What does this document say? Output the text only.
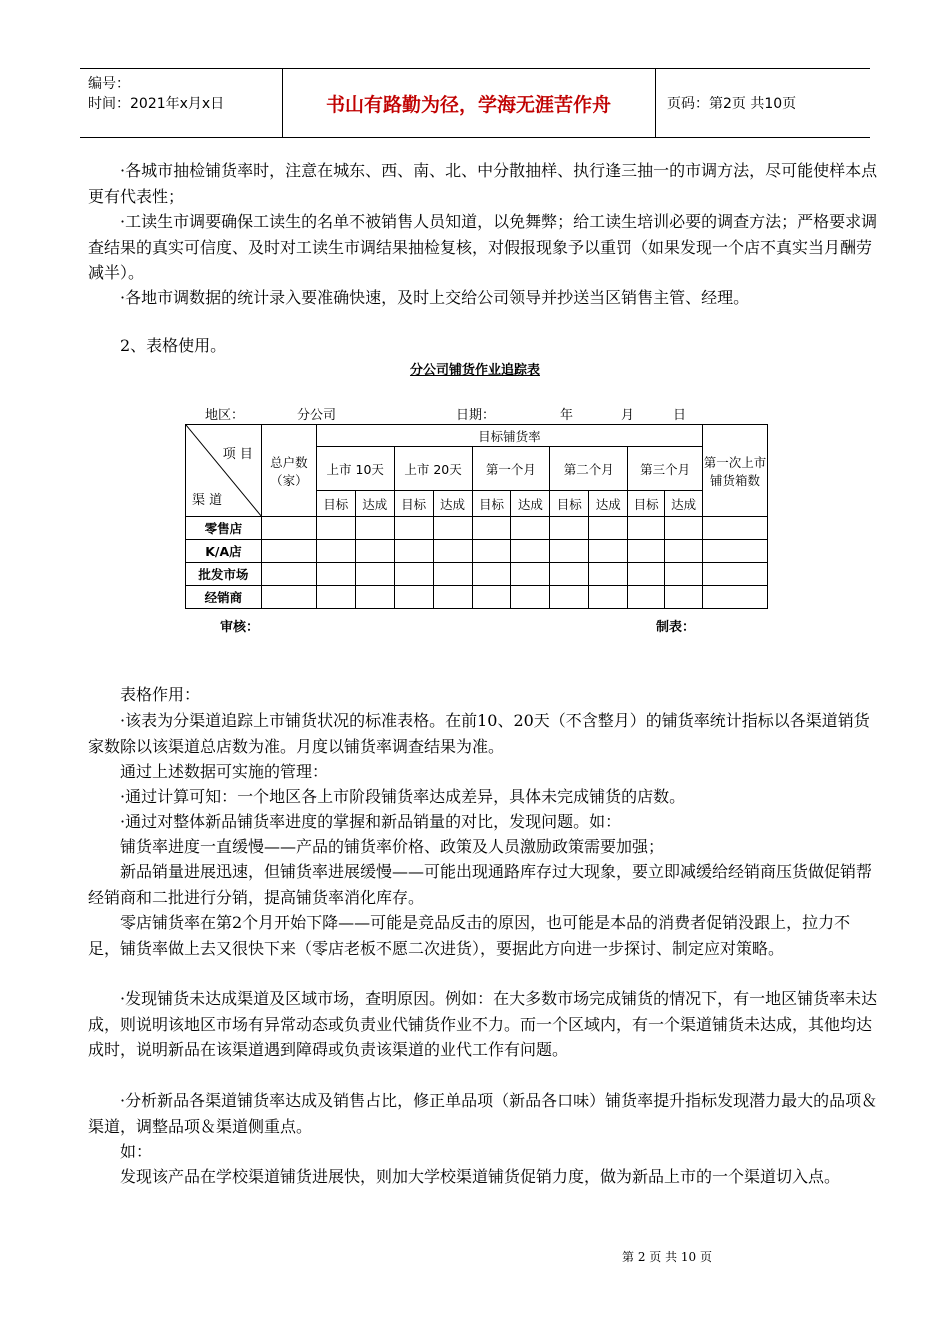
编号：
时间：2021年x月x日	书山有路勤为径，学海无涯苦作舟	页码：第2页 共10页

·各城市抽检铺货率时，注意在城东、西、南、北、中分散抽样、执行逢三抽一的市调方法，尽可能使样本点更有代表性；

·工读生市调要确保工读生的名单不被销售人员知道，以免舞弊；给工读生培训必要的调查方法；严格要求调查结果的真实可信度、及时对工读生市调结果抽检复核，对假报现象予以重罚（如果发现一个店不真实当月酬劳减半）。

·各地市调数据的统计录入要准确快速，及时上交给公司领导并抄送当区销售主管、经理。

2、表格使用。

分公司铺货作业追踪表
地区：	分公司	日期：	年	月	日
项 目
渠 道	总户数（家）	目标铺货率										第一次上市铺货箱数
		上市 10天		上市 20天		第一个月		第二个月		第三个月		
		目标	达成	目标	达成	目标	达成	目标	达成	目标	达成	
零售店												
K/A店												
批发市场												
经销商												
审核：	制表：

表格作用：

·该表为分渠道追踪上市铺货状况的标准表格。在前10、20天（不含整月）的铺货率统计指标以各渠道销货家数除以该渠道总店数为准。月度以铺货率调查结果为准。

通过上述数据可实施的管理：

·通过计算可知：一个地区各上市阶段铺货率达成差异，具体未完成铺货的店数。

·通过对整体新品铺货率进度的掌握和新品销量的对比，发现问题。如：

铺货率进度一直缓慢——产品的铺货率价格、政策及人员激励政策需要加强；

新品销量进展迅速，但铺货率进展缓慢——可能出现通路库存过大现象，要立即减缓给经销商压货做促销帮经销商和二批进行分销，提高铺货率消化库存。

零店铺货率在第2个月开始下降——可能是竞品反击的原因，也可能是本品的消费者促销没跟上，拉力不足，铺货率做上去又很快下来（零店老板不愿二次进货），要据此方向进一步探讨、制定应对策略。

·发现铺货未达成渠道及区域市场，查明原因。例如：在大多数市场完成铺货的情况下，有一地区铺货率未达成，则说明该地区市场有异常动态或负责业代铺货作业不力。而一个区域内，有一个渠道铺货未达成，其他均达成时，说明新品在该渠道遇到障碍或负责该渠道的业代工作有问题。

·分析新品各渠道铺货率达成及销售占比，修正单品项（新品各口味）铺货率提升指标发现潜力最大的品项＆渠道，调整品项＆渠道侧重点。

如：

发现该产品在学校渠道铺货进展快，则加大学校渠道铺货促销力度，做为新品上市的一个渠道切入点。

第 2 页 共 10 页
